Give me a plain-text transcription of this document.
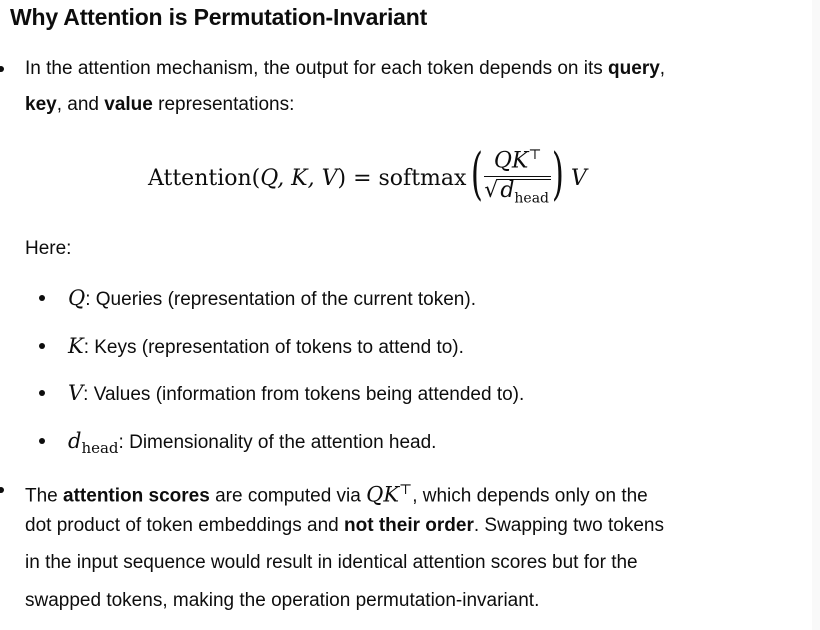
Why Attention is Permutation-Invariant
In the attention mechanism, the output for each token depends on its query,
key, and value representations:
Attention( Q, K, V ) = softmax ( $\frac{QK^⊤}{√ d_{head}}$ ) V
Here:
Q: Queries (representation of the current token).
K: Keys (representation of tokens to attend to).
V: Values (information from tokens being attended to).
$d_{head}$: Dimensionality of the attention head.
The attention scores are computed via QK⊤, which depends only on the
dot product of token embeddings and not their order. Swapping two tokens
in the input sequence would result in identical attention scores but for the
swapped tokens, making the operation permutation-invariant.
